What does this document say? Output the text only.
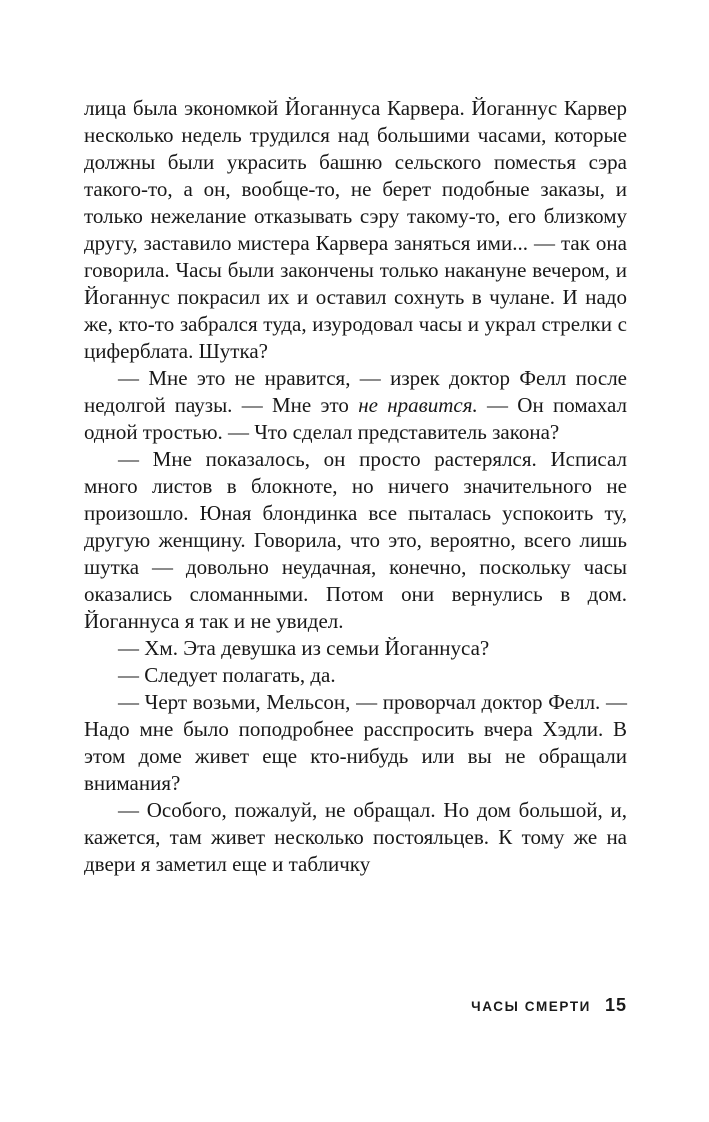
лица была экономкой Йоганнуса Карвера. Йоганнус Карвер несколько недель трудился над большими часами, которые должны были украсить башню сельского поместья сэра такого-то, а он, вообще-то, не берет подобные заказы, и только нежелание отказывать сэру такому-то, его близкому другу, заставило мистера Карвера заняться ими... — так она говорила. Часы были закончены только накануне вечером, и Йоганнус покрасил их и оставил сохнуть в чулане. И надо же, кто-то забрался туда, изуродовал часы и украл стрелки с циферблата. Шутка?

— Мне это не нравится, — изрек доктор Фелл после недолгой паузы. — Мне это не нравится. — Он помахал одной тростью. — Что сделал представитель закона?

— Мне показалось, он просто растерялся. Исписал много листов в блокноте, но ничего значительного не произошло. Юная блондинка все пыталась успокоить ту, другую женщину. Говорила, что это, вероятно, всего лишь шутка — довольно неудачная, конечно, поскольку часы оказались сломанными. Потом они вернулись в дом. Йоганнуса я так и не увидел.

— Хм. Эта девушка из семьи Йоганнуса?

— Следует полагать, да.

— Черт возьми, Мельсон, — проворчал доктор Фелл. — Надо мне было поподробнее расспросить вчера Хэдли. В этом доме живет еще кто-нибудь или вы не обращали внимания?

— Особого, пожалуй, не обращал. Но дом большой, и, кажется, там живет несколько постояльцев. К тому же на двери я заметил еще и табличку

ЧАСЫ СМЕРТИ 15
